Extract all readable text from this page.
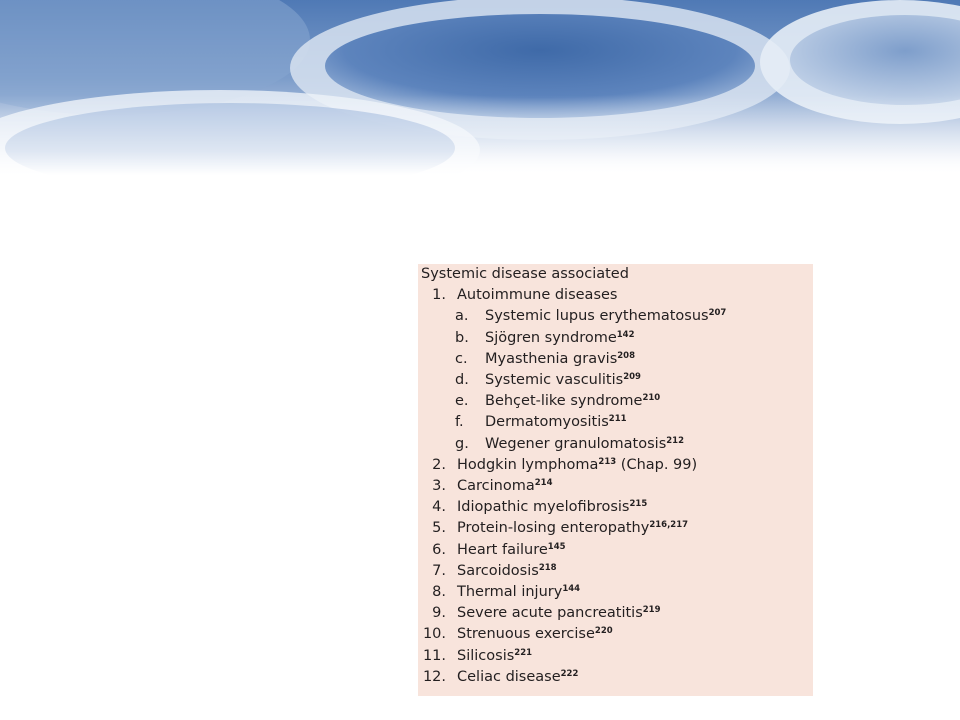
Systemic disease associated
1. Autoimmune diseases
a.	Systemic lupus erythematosus$^{207}$
b.	Sjögren syndrome$^{142}$
c.	Myasthenia gravis$^{208}$
d.	Systemic vasculitis$^{209}$
e.	Behçet-like syndrome$^{210}$
f.	Dermatomyositis$^{211}$
g.	Wegener granulomatosis$^{212}$
2. Hodgkin lymphoma$^{213}$ (Chap. 99)
3. Carcinoma$^{214}$
4. Idiopathic myelofibrosis$^{215}$
5. Protein-losing enteropathy$^{216,217}$
6. Heart failure$^{145}$
7. Sarcoidosis$^{218}$
8. Thermal injury$^{144}$
9. Severe acute pancreatitis$^{219}$
10. Strenuous exercise$^{220}$
11. Silicosis$^{221}$
12. Celiac disease$^{222}$
